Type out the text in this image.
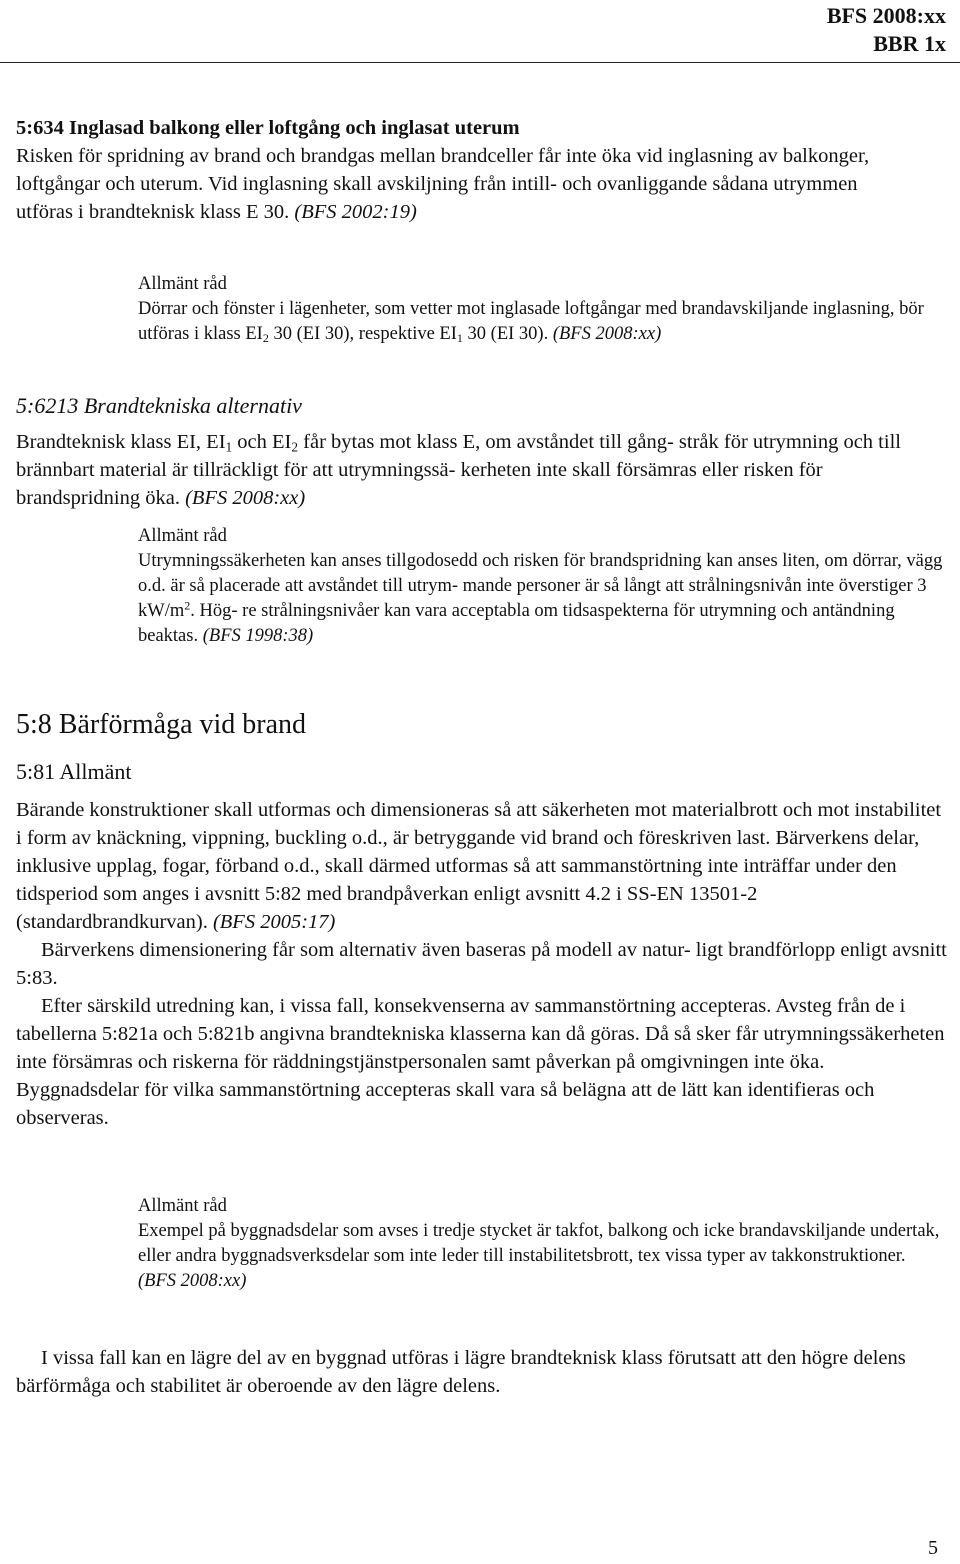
BFS 2008:xx
BBR 1x

5:634 Inglasad balkong eller loftgång och inglasat uterum

Risken för spridning av brand och brandgas mellan brandceller får inte öka vid inglasning av balkonger, loftgångar och uterum. Vid inglasning skall avskiljning från intill- och ovanliggande sådana utrymmen utföras i brandteknisk klass E 30. (BFS 2002:19)

Allmänt råd

Dörrar och fönster i lägenheter, som vetter mot inglasade loftgångar med brandavskiljande inglasning, bör utföras i klass $EI_2$ 30 (EI 30), respektive $EI_1$ 30 (EI 30). (BFS 2008:xx)

5:6213 Brandtekniska alternativ

Brandteknisk klass EI, $EI_1$ och $EI_2$ får bytas mot klass E, om avståndet till gång- stråk för utrymning och till brännbart material är tillräckligt för att utrymningssä- kerheten inte skall försämras eller risken för brandspridning öka. (BFS 2008:xx)

Allmänt råd

Utrymningssäkerheten kan anses tillgodosedd och risken för brandspridning kan anses liten, om dörrar, vägg o.d. är så placerade att avståndet till utrym- mande personer är så långt att strålningsnivån inte överstiger 3 $kW/m^2$. Hög- re strålningsnivåer kan vara acceptabla om tidsaspekterna för utrymning och antändning beaktas. (BFS 1998:38)

5:8 Bärförmåga vid brand

5:81 Allmänt

Bärande konstruktioner skall utformas och dimensioneras så att säkerheten mot materialbrott och mot instabilitet i form av knäckning, vippning, buckling o.d., är betryggande vid brand och föreskriven last. Bärverkens delar, inklusive upplag, fogar, förband o.d., skall därmed utformas så att sammanstörtning inte inträffar under den tidsperiod som anges i avsnitt 5:82 med brandpåverkan enligt avsnitt 4.2 i SS-EN 13501-2 (standardbrandkurvan). (BFS 2005:17)

Bärverkens dimensionering får som alternativ även baseras på modell av natur- ligt brandförlopp enligt avsnitt 5:83.

Efter särskild utredning kan, i vissa fall, konsekvenserna av sammanstörtning accepteras. Avsteg från de i tabellerna 5:821a och 5:821b angivna brandtekniska klasserna kan då göras. Då så sker får utrymningssäkerheten inte försämras och riskerna för räddningstjänstpersonalen samt påverkan på omgivningen inte öka. Byggnadsdelar för vilka sammanstörtning accepteras skall vara så belägna att de lätt kan identifieras och observeras.

Allmänt råd

Exempel på byggnadsdelar som avses i tredje stycket är takfot, balkong och icke brandavskiljande undertak, eller andra byggnadsverksdelar som inte leder till instabilitetsbrott, tex vissa typer av takkonstruktioner. (BFS 2008:xx)

I vissa fall kan en lägre del av en byggnad utföras i lägre brandteknisk klass förutsatt att den högre delens bärförmåga och stabilitet är oberoende av den lägre delens.

5
